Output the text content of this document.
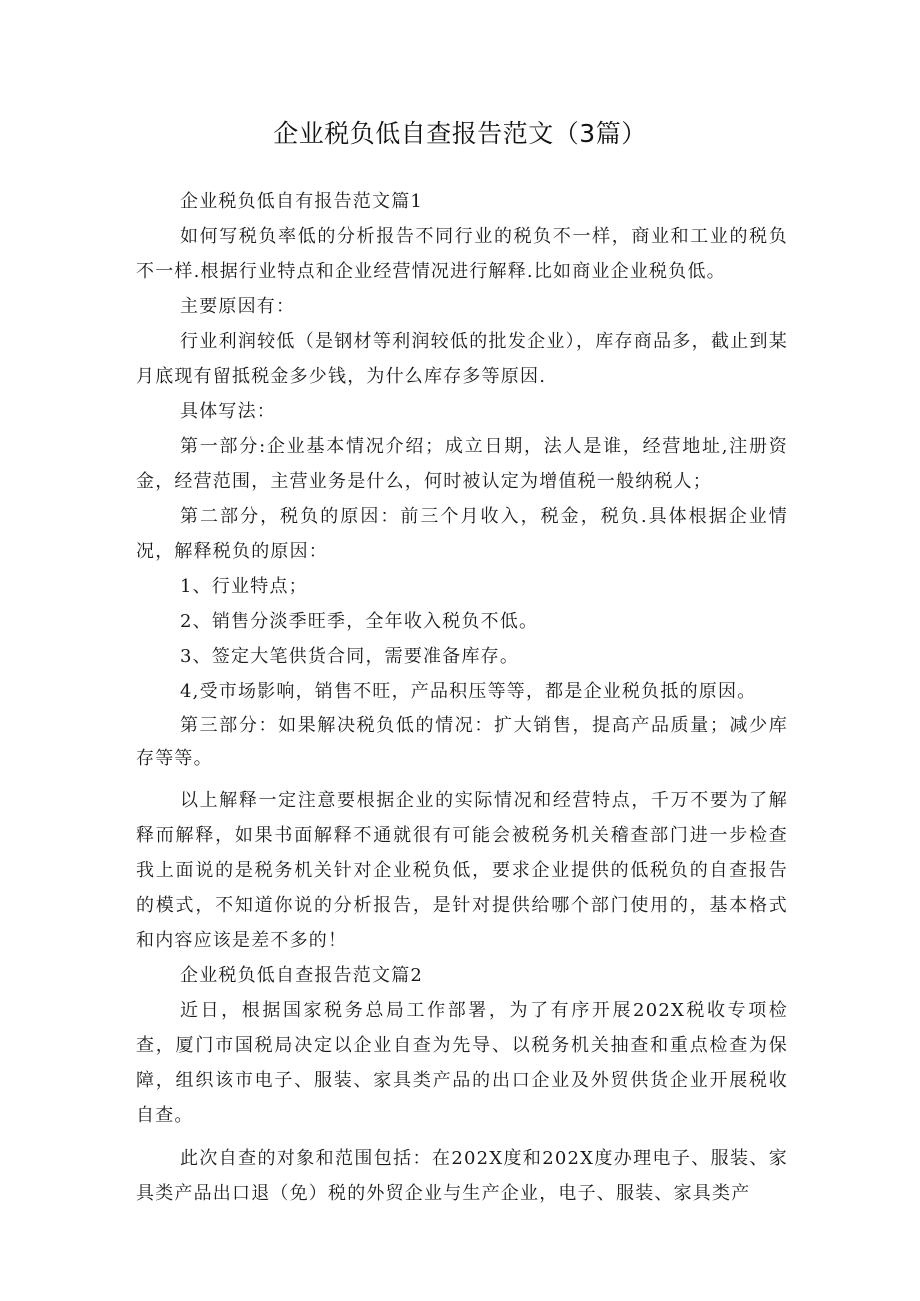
企业税负低自查报告范文（3篇）

企业税负低自有报告范文篇1

如何写税负率低的分析报告不同行业的税负不一样，商业和工业的税负不一样.根据行业特点和企业经营情况进行解释.比如商业企业税负低。

主要原因有：

行业利润较低（是钢材等利润较低的批发企业），库存商品多，截止到某月底现有留抵税金多少钱，为什么库存多等原因.

具体写法：

第一部分:企业基本情况介绍；成立日期，法人是谁，经营地址,注册资金，经营范围，主营业务是什么，何时被认定为增值税一般纳税人；

第二部分，税负的原因：前三个月收入，税金，税负.具体根据企业情况，解释税负的原因：

1、行业特点；

2、销售分淡季旺季，全年收入税负不低。

3、签定大笔供货合同，需要准备库存。

4,受市场影响，销售不旺，产品积压等等，都是企业税负抵的原因。

第三部分：如果解决税负低的情况：扩大销售，提高产品质量；减少库存等等。

以上解释一定注意要根据企业的实际情况和经营特点，千万不要为了解释而解释，如果书面解释不通就很有可能会被税务机关稽查部门进一步检查我上面说的是税务机关针对企业税负低，要求企业提供的低税负的自查报告的模式，不知道你说的分析报告，是针对提供给哪个部门使用的，基本格式和内容应该是差不多的！

企业税负低自查报告范文篇2

近日，根据国家税务总局工作部署，为了有序开展202X税收专项检查，厦门市国税局决定以企业自查为先导、以税务机关抽查和重点检查为保障，组织该市电子、服装、家具类产品的出口企业及外贸供货企业开展税收自查。

此次自查的对象和范围包括：在202X度和202X度办理电子、服装、家具类产品出口退（免）税的外贸企业与生产企业，电子、服装、家具类产
